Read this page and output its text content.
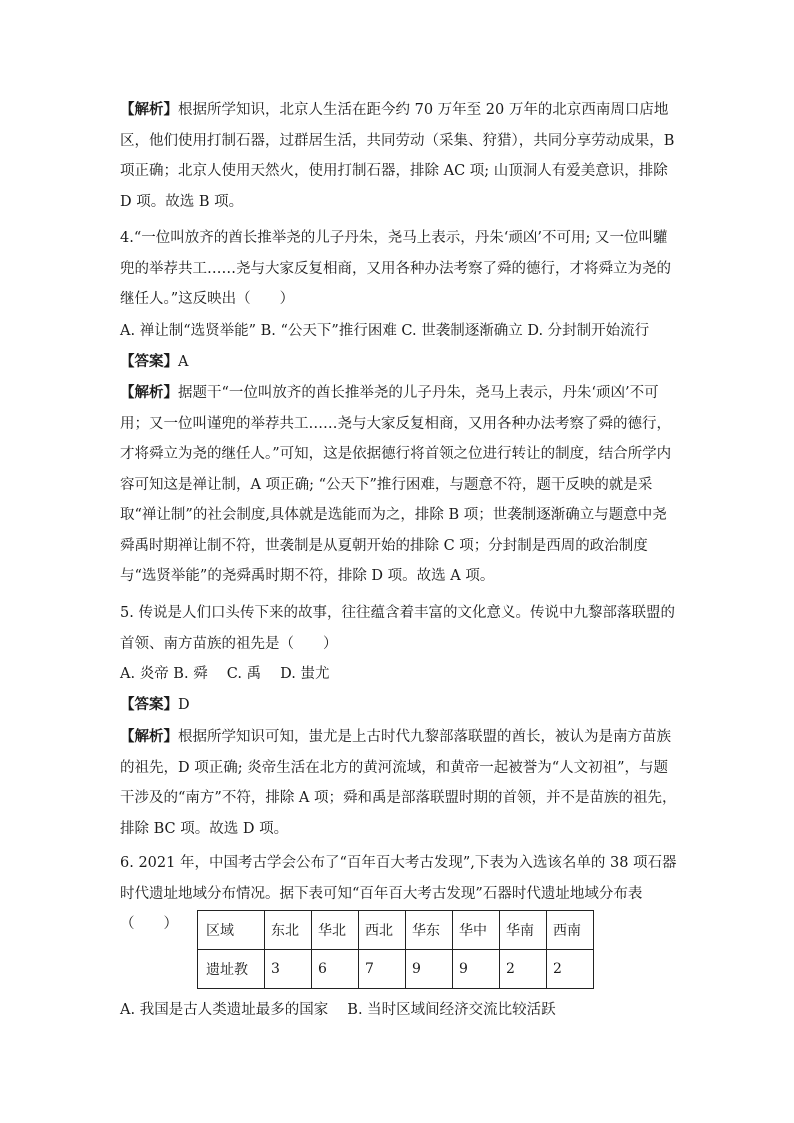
【解析】根据所学知识，北京人生活在距今约 70 万年至 20 万年的北京西南周口店地区，他们使用打制石器，过群居生活，共同劳动（采集、狩猎），共同分享劳动成果，B 项正确；北京人使用天然火，使用打制石器，排除 AC 项; 山顶洞人有爱美意识，排除 D 项。故选 B 项。

4.“一位叫放齐的酋长推举尧的儿子丹朱，尧马上表示，丹朱‘顽凶’不可用; 又一位叫驩兜的举荐共工……尧与大家反复相商，又用各种办法考察了舜的德行，才将舜立为尧的继任人。”这反映出（　　）

A. 禅让制“选贤举能” B. “公天下”推行困难 C. 世袭制逐渐确立 D. 分封制开始流行

【答案】A

【解析】据题干“一位叫放齐的酋长推举尧的儿子丹朱，尧马上表示，丹朱‘顽凶’不可用；又一位叫谨兜的举荐共工……尧与大家反复相商，又用各种办法考察了舜的德行，才将舜立为尧的继任人。”可知，这是依据德行将首领之位进行转让的制度，结合所学内容可知这是禅让制，A 项正确; “公天下”推行困难，与题意不符，题干反映的就是采取“禅让制”的社会制度,具体就是选能而为之，排除 B 项；世袭制逐渐确立与题意中尧舜禹时期禅让制不符，世袭制是从夏朝开始的排除 C 项；分封制是西周的政治制度与“选贤举能”的尧舜禹时期不符，排除 D 项。故选 A 项。

5. 传说是人们口头传下来的故事，往往蕴含着丰富的文化意义。传说中九黎部落联盟的首领、南方苗族的祖先是（　　）

A. 炎帝 B. 舜　 C. 禹　 D. 蚩尤

【答案】D

【解析】根据所学知识可知，蚩尤是上古时代九黎部落联盟的酋长，被认为是南方苗族的祖先，D 项正确; 炎帝生活在北方的黄河流域，和黄帝一起被誉为“人文初祖”，与题干涉及的“南方”不符，排除 A 项；舜和禹是部落联盟时期的首领，并不是苗族的祖先，排除 BC 项。故选 D 项。

6. 2021 年，中国考古学会公布了“百年百大考古发现”,下表为入选该名单的 38 项石器时代遗址地域分布情况。据下表可知“百年百大考古发现”石器时代遗址地域分布表（　　）	区域	东北	华北	西北	华东	华中	华南	西南
遗址教	3	6	7	9	9	2	2

A. 我国是古人类遗址最多的国家　 B. 当时区域间经济交流比较活跃
